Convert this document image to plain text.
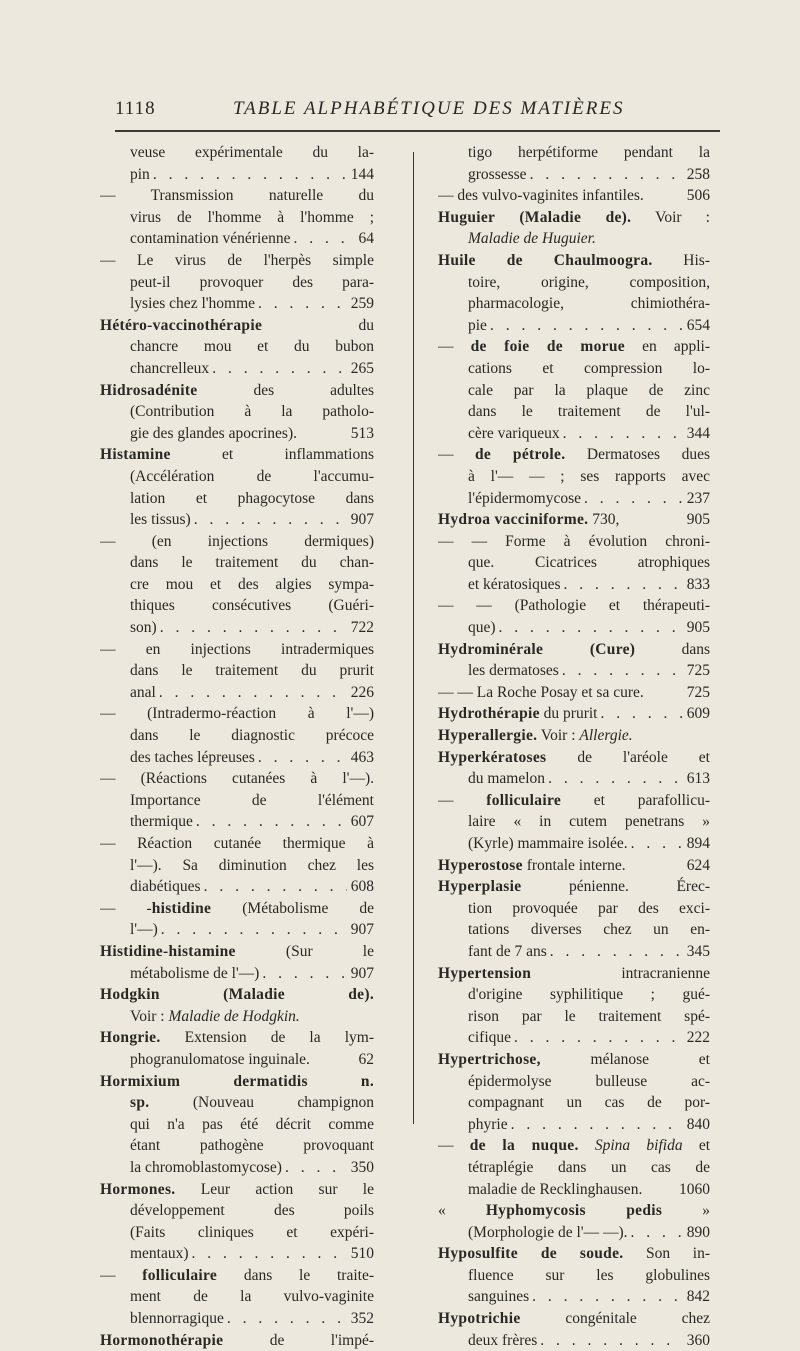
1118	TABLE ALPHABÉTIQUE DES MATIÈRES
veuse expérimentale du la-
pin . . .	144
— Transmission naturelle du
virus de l'homme à l'homme ;
contamination vénérienne . . .	64
— Le virus de l'herpès simple
peut-il provoquer des para-
lysies chez l'homme . . .	259
Hétéro-vaccinothérapie du
chancre mou et du bubon
chancrelleux . . .	265
Hidrosadénite des adultes
(Contribution à la patholo-
gie des glandes apocrines).	513
Histamine et inflammations
(Accélération de l'accumu-
lation et phagocytose dans
les tissus) . . .	907
— (en injections dermiques)
dans le traitement du chan-
cre mou et des algies sympa-
thiques consécutives (Guéri-
son) . . .	722
— en injections intradermiques
dans le traitement du prurit
anal . . .	226
— (Intradermo-réaction à l'—)
dans le diagnostic précoce
des taches lépreuses . . .	463
— (Réactions cutanées à l'—).
Importance de l'élément
thermique . . .	607
— Réaction cutanée thermique à
l'—). Sa diminution chez les
diabétiques . . .	608
— -histidine (Métabolisme de
l'—) . . .	907
Histidine-histamine (Sur le
métabolisme de l'—) . . .	907
Hodgkin (Maladie de).
Voir : Maladie de Hodgkin.
Hongrie. Extension de la lym-
phogranulomatose inguinale.	62
Hormixium dermatidis n.
sp. (Nouveau champignon
qui n'a pas été décrit comme
étant pathogène provoquant
la chromoblastomycose) . . .	350
Hormones. Leur action sur le
développement des poils
(Faits cliniques et expéri-
mentaux) . . .	510
— folliculaire dans le traite-
ment de la vulvo-vaginite
blennorragique . . .	352
Hormonothérapie de l'impé-
tigo herpétiforme pendant la
grossesse . . .	258
— des vulvo-vaginites infantiles.	506
Huguier (Maladie de). Voir :
Maladie de Huguier.
Huile de Chaulmoogra. His-
toire, origine, composition,
pharmacologie, chimiothéra-
pie . . .	654
— de foie de morue en appli-
cations et compression lo-
cale par la plaque de zinc
dans le traitement de l'ul-
cère variqueux . . .	344
— de pétrole. Dermatoses dues
à l'— — ; ses rapports avec
l'épidermomycose . . .	237
Hydroa vacciniforme. 730,	905
— — Forme à évolution chroni-
que. Cicatrices atrophiques
et kératosiques . . .	833
— — (Pathologie et thérapeuti-
que) . . .	905
Hydrominérale (Cure) dans
les dermatoses . . .	725
— — La Roche Posay et sa cure.	725
Hydrothérapie du prurit . . .	609
Hyperallergie. Voir : Allergie.
Hyperkératoses de l'aréole et
du mamelon . . .	613
— folliculaire et parafollicu-
laire « in cutem penetrans »
(Kyrle) mammaire isolée. . . .	894
Hyperostose frontale interne.	624
Hyperplasie pénienne. Érec-
tion provoquée par des exci-
tations diverses chez un en-
fant de 7 ans . . .	345
Hypertension intracranienne
d'origine syphilitique ; gué-
rison par le traitement spé-
cifique . . .	222
Hypertrichose, mélanose et
épidermolyse bulleuse ac-
compagnant un cas de por-
phyrie . . .	840
— de la nuque. Spina bifida et
tétraplégie dans un cas de
maladie de Recklinghausen. 1060
« Hyphomycosis pedis »
(Morphologie de l'— —). . . .	890
Hyposulfite de soude. Son in-
fluence sur les globulines
sanguines . . .	842
Hypotrichie congénitale chez
deux frères . . .	360
